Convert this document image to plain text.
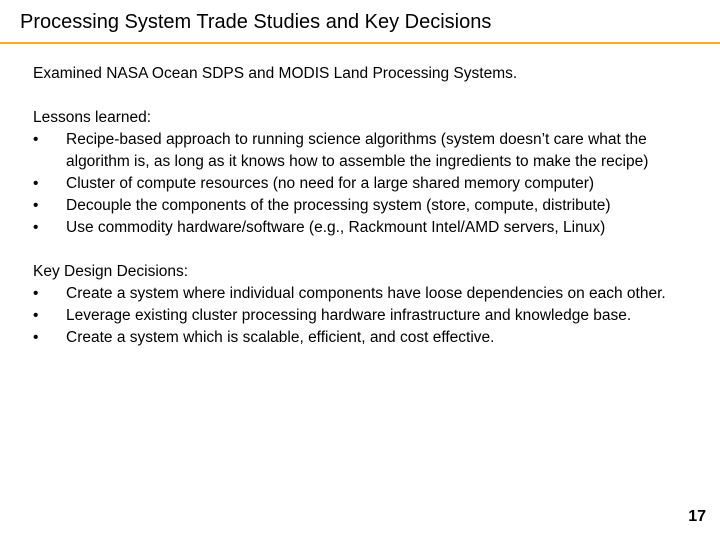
Processing System Trade Studies and Key Decisions

Examined NASA Ocean SDPS and MODIS Land Processing Systems.

Lessons learned:

• Recipe-based approach to running science algorithms (system doesn’t care what the algorithm is, as long as it knows how to assemble the ingredients to make the recipe)
• Cluster of compute resources (no need for a large shared memory computer)
• Decouple the components of the processing system (store, compute, distribute)
• Use commodity hardware/software (e.g., Rackmount Intel/AMD servers, Linux)

Key Design Decisions:

• Create a system where individual components have loose dependencies on each other.
• Leverage existing cluster processing hardware infrastructure and knowledge base.
• Create a system which is scalable, efficient, and cost effective.
17
